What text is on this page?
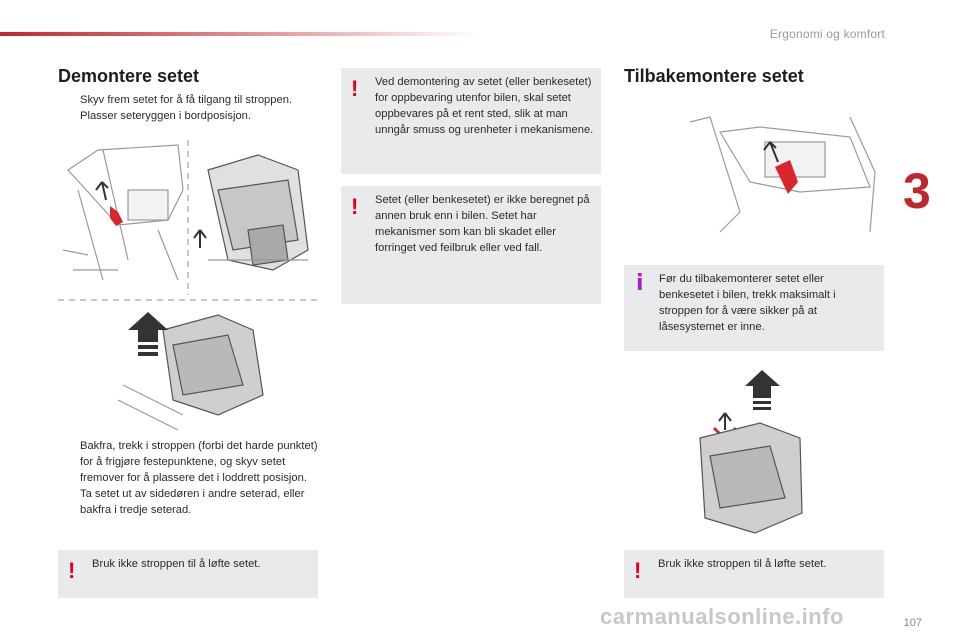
Ergonomi og komfort
3
Demontere setet
Skyv frem setet for å få tilgang til stroppen.
Plasser seteryggen i bordposisjon.
Bakfra, trekk i stroppen (forbi det harde punktet) for å frigjøre festepunktene, og skyv setet fremover for å plassere det i loddrett posisjon.
Ta setet ut av sidedøren i andre seterad, eller bakfra i tredje seterad.
! Bruk ikke stroppen til å løfte setet.
! Ved demontering av setet (eller benkesetet) for oppbevaring utenfor bilen, skal setet oppbevares på et rent sted, slik at man unngår smuss og urenheter i mekanismene.
! Setet (eller benkesetet) er ikke beregnet på annen bruk enn i bilen. Setet har mekanismer som kan bli skadet eller forringet ved feilbruk eller ved fall.
Tilbakemontere setet
i Før du tilbakemonterer setet eller benkesetet i bilen, trekk maksimalt i stroppen for å være sikker på at låsesystemet er inne.
! Bruk ikke stroppen til å løfte setet.
107
carmanualsonline.info
